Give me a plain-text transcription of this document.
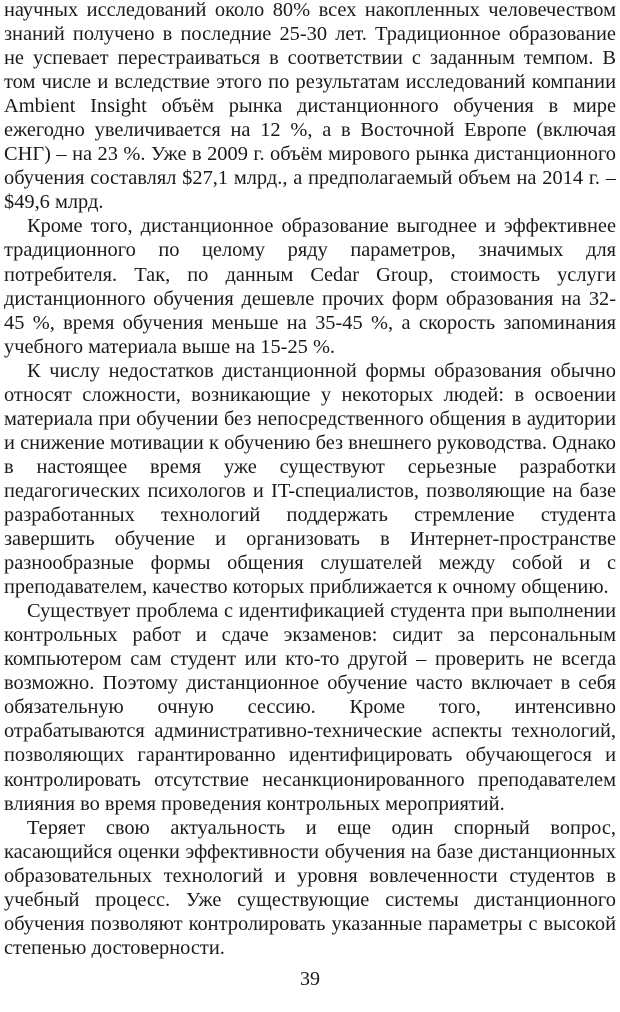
научных исследований около 80% всех накопленных человечеством знаний получено в последние 25-30 лет. Традиционное образование не успевает перестраиваться в соответствии с заданным темпом. В том числе и вследствие этого по результатам исследований компании Ambient Insight объём рынка дистанционного обучения в мире ежегодно увеличивается на 12 %, а в Восточной Европе (включая СНГ) – на 23 %. Уже в 2009 г. объём мирового рынка дистанционного обучения составлял $27,1 млрд., а предполагаемый объем на 2014 г. – $49,6 млрд.

Кроме того, дистанционное образование выгоднее и эффективнее традиционного по целому ряду параметров, значимых для потребителя. Так, по данным Cedar Group, стоимость услуги дистанционного обучения дешевле прочих форм образования на 32-45 %, время обучения меньше на 35-45 %, а скорость запоминания учебного материала выше на 15-25 %.

К числу недостатков дистанционной формы образования обычно относят сложности, возникающие у некоторых людей: в освоении материала при обучении без непосредственного общения в аудитории и снижение мотивации к обучению без внешнего руководства. Однако в настоящее время уже существуют серьезные разработки педагогических психологов и IT-специалистов, позволяющие на базе разработанных технологий поддержать стремление студента завершить обучение и организовать в Интернет-пространстве разнообразные формы общения слушателей между собой и с преподавателем, качество которых приближается к очному общению.

Существует проблема с идентификацией студента при выполнении контрольных работ и сдаче экзаменов: сидит за персональным компьютером сам студент или кто-то другой – проверить не всегда возможно. Поэтому дистанционное обучение часто включает в себя обязательную очную сессию. Кроме того, интенсивно отрабатываются административно-технические аспекты технологий, позволяющих гарантированно идентифицировать обучающегося и контролировать отсутствие несанкционированного преподавателем влияния во время проведения контрольных мероприятий.

Теряет свою актуальность и еще один спорный вопрос, касающийся оценки эффективности обучения на базе дистанционных образовательных технологий и уровня вовлеченности студентов в учебный процесс. Уже существующие системы дистанционного обучения позволяют контролировать указанные параметры с высокой степенью достоверности.

39
